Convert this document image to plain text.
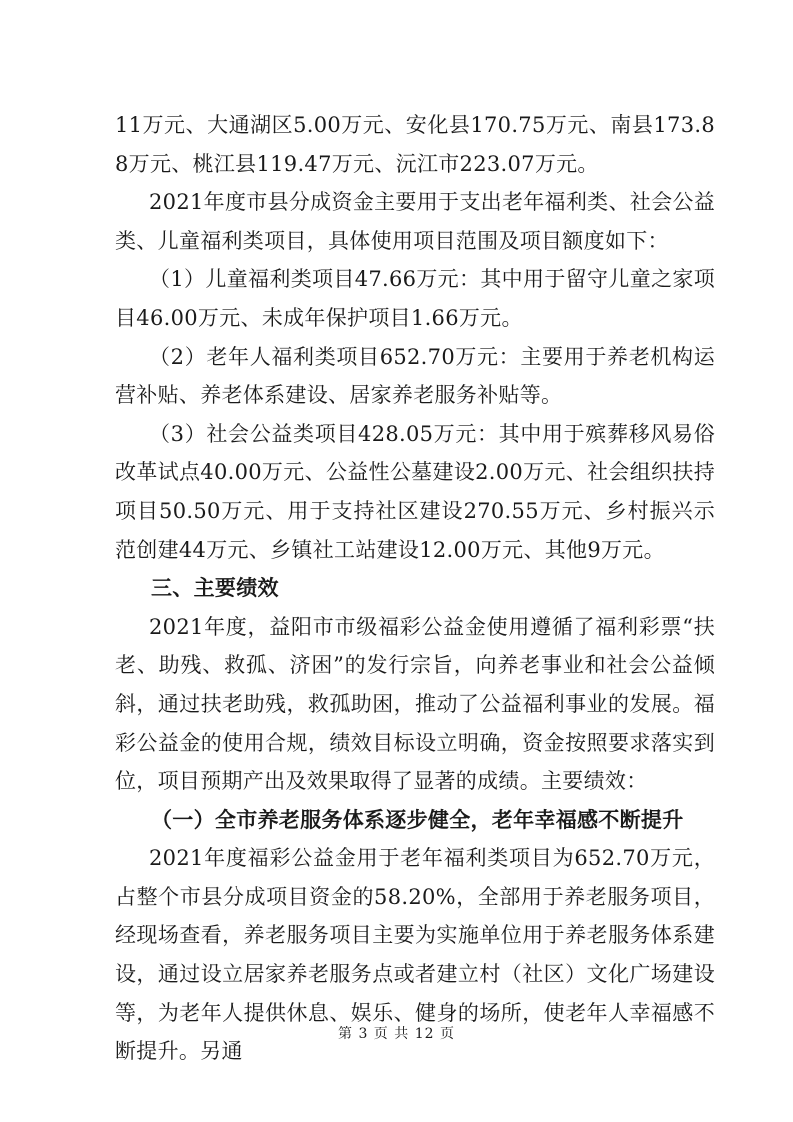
11万元、大通湖区5.00万元、安化县170.75万元、南县173.88万元、桃江县119.47万元、沅江市223.07万元。

2021年度市县分成资金主要用于支出老年福利类、社会公益类、儿童福利类项目，具体使用项目范围及项目额度如下：

（1）儿童福利类项目47.66万元：其中用于留守儿童之家项目46.00万元、未成年保护项目1.66万元。

（2）老年人福利类项目652.70万元：主要用于养老机构运营补贴、养老体系建设、居家养老服务补贴等。

（3）社会公益类项目428.05万元：其中用于殡葬移风易俗改革试点40.00万元、公益性公墓建设2.00万元、社会组织扶持项目50.50万元、用于支持社区建设270.55万元、乡村振兴示范创建44万元、乡镇社工站建设12.00万元、其他9万元。

三、主要绩效

2021年度，益阳市市级福彩公益金使用遵循了福利彩票“扶老、助残、救孤、济困”的发行宗旨，向养老事业和社会公益倾斜，通过扶老助残，救孤助困，推动了公益福利事业的发展。福彩公益金的使用合规，绩效目标设立明确，资金按照要求落实到位，项目预期产出及效果取得了显著的成绩。主要绩效：

（一）全市养老服务体系逐步健全，老年幸福感不断提升

2021年度福彩公益金用于老年福利类项目为652.70万元，占整个市县分成项目资金的58.20%，全部用于养老服务项目，经现场查看，养老服务项目主要为实施单位用于养老服务体系建设，通过设立居家养老服务点或者建立村（社区）文化广场建设等，为老年人提供休息、娱乐、健身的场所，使老年人幸福感不断提升。另通

第 3 页 共 12 页
